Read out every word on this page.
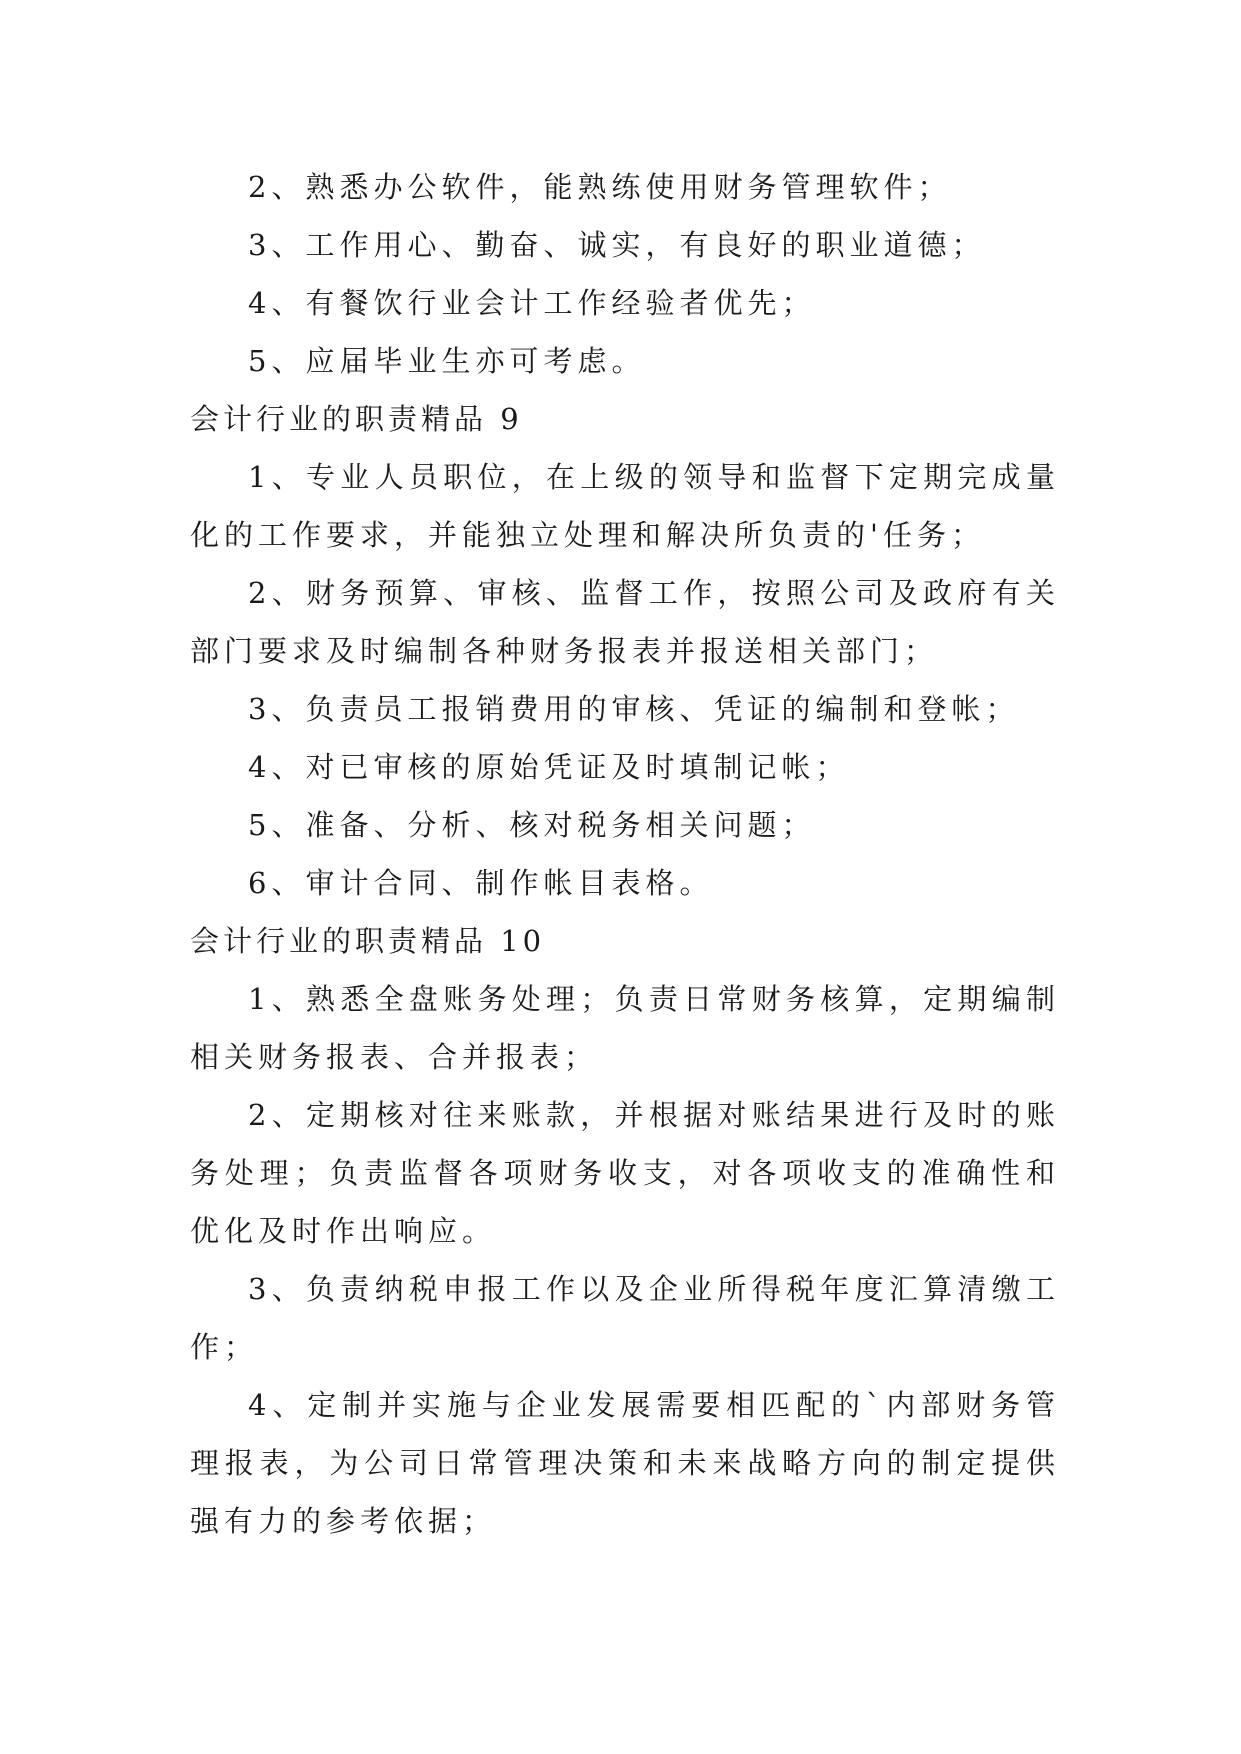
2、熟悉办公软件，能熟练使用财务管理软件；

3、工作用心、勤奋、诚实，有良好的职业道德；

4、有餐饮行业会计工作经验者优先；

5、应届毕业生亦可考虑。

会计行业的职责精品 9

1、专业人员职位，在上级的领导和监督下定期完成量化的工作要求，并能独立处理和解决所负责的'任务；

2、财务预算、审核、监督工作，按照公司及政府有关部门要求及时编制各种财务报表并报送相关部门；

3、负责员工报销费用的审核、凭证的编制和登帐；

4、对已审核的原始凭证及时填制记帐；

5、准备、分析、核对税务相关问题；

6、审计合同、制作帐目表格。

会计行业的职责精品 10

1、熟悉全盘账务处理；负责日常财务核算，定期编制相关财务报表、合并报表；

2、定期核对往来账款，并根据对账结果进行及时的账务处理；负责监督各项财务收支，对各项收支的准确性和优化及时作出响应。

3、负责纳税申报工作以及企业所得税年度汇算清缴工作；

4、定制并实施与企业发展需要相匹配的`内部财务管理报表，为公司日常管理决策和未来战略方向的制定提供强有力的参考依据；
